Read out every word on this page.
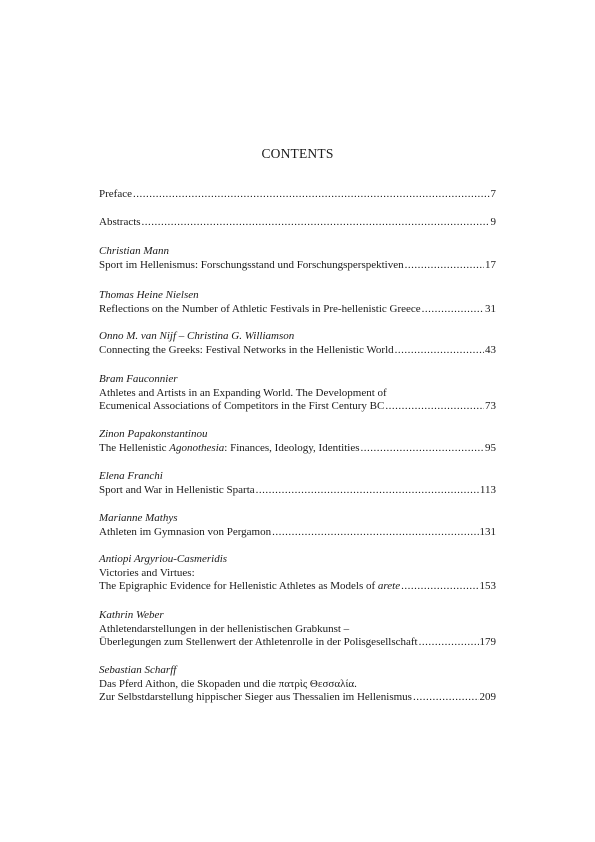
CONTENTS
Preface .....	7
Abstracts .....	9
Christian Mann
Sport im Hellenismus: Forschungsstand und Forschungsperspektiven .....	17
Thomas Heine Nielsen
Reflections on the Number of Athletic Festivals in Pre-hellenistic Greece .....	31
Onno M. van Nijf – Christina G. Williamson
Connecting the Greeks: Festival Networks in the Hellenistic World .....	43
Bram Fauconnier
Athletes and Artists in an Expanding World. The Development of
Ecumenical Associations of Competitors in the First Century BC .....	73
Zinon Papakonstantinou
The Hellenistic Agonothesia: Finances, Ideology, Identities .....	95
Elena Franchi
Sport and War in Hellenistic Sparta .....	113
Marianne Mathys
Athleten im Gymnasion von Pergamon .....	131
Antiopi Argyriou-Casmeridis
Victories and Virtues:
The Epigraphic Evidence for Hellenistic Athletes as Models of arete .....	153
Kathrin Weber
Athletendarstellungen in der hellenistischen Grabkunst –
Überlegungen zum Stellenwert der Athletenrolle in der Polisgesellschaft .....	179
Sebastian Scharff
Das Pferd Aithon, die Skopaden und die πατρὶς Θεσσαλία.
Zur Selbstdarstellung hippischer Sieger aus Thessalien im Hellenismus .....	209
